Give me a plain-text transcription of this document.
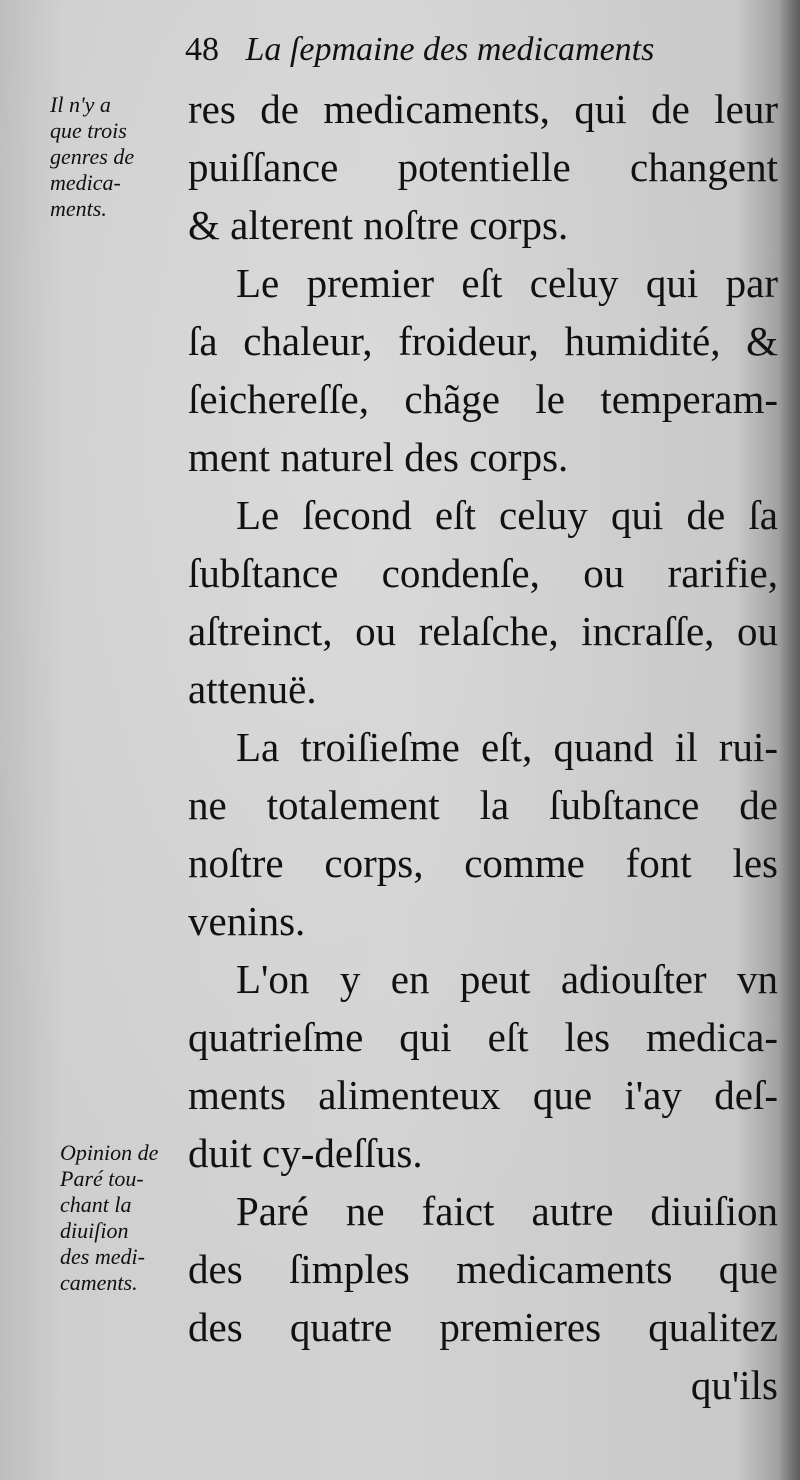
48 La ſepmaine des medicaments
Il n'y a
que trois
genres de
medica-
ments.
Opinion de
Paré tou-
chant la
diuiſion
des medi-
caments.
res de medicaments, qui de leur
puiſſance potentielle changent
& alterent noſtre corps.
Le premier eſt celuy qui par
ſa chaleur, froideur, humidité, &
ſeichereſſe, chãge le temperam-
ment naturel des corps.
Le ſecond eſt celuy qui de ſa
ſubſtance condenſe, ou rarifie,
aſtreinct, ou relaſche, incraſſe, ou
attenuë.
La troiſieſme eſt, quand il rui-
ne totalement la ſubſtance de
noſtre corps, comme font les
venins.
L'on y en peut adiouſter vn
quatrieſme qui eſt les medica-
ments alimenteux que i'ay deſ-
duit cy-deſſus.
Paré ne faict autre diuiſion
des ſimples medicaments que
des quatre premieres qualitez
qu'ils
